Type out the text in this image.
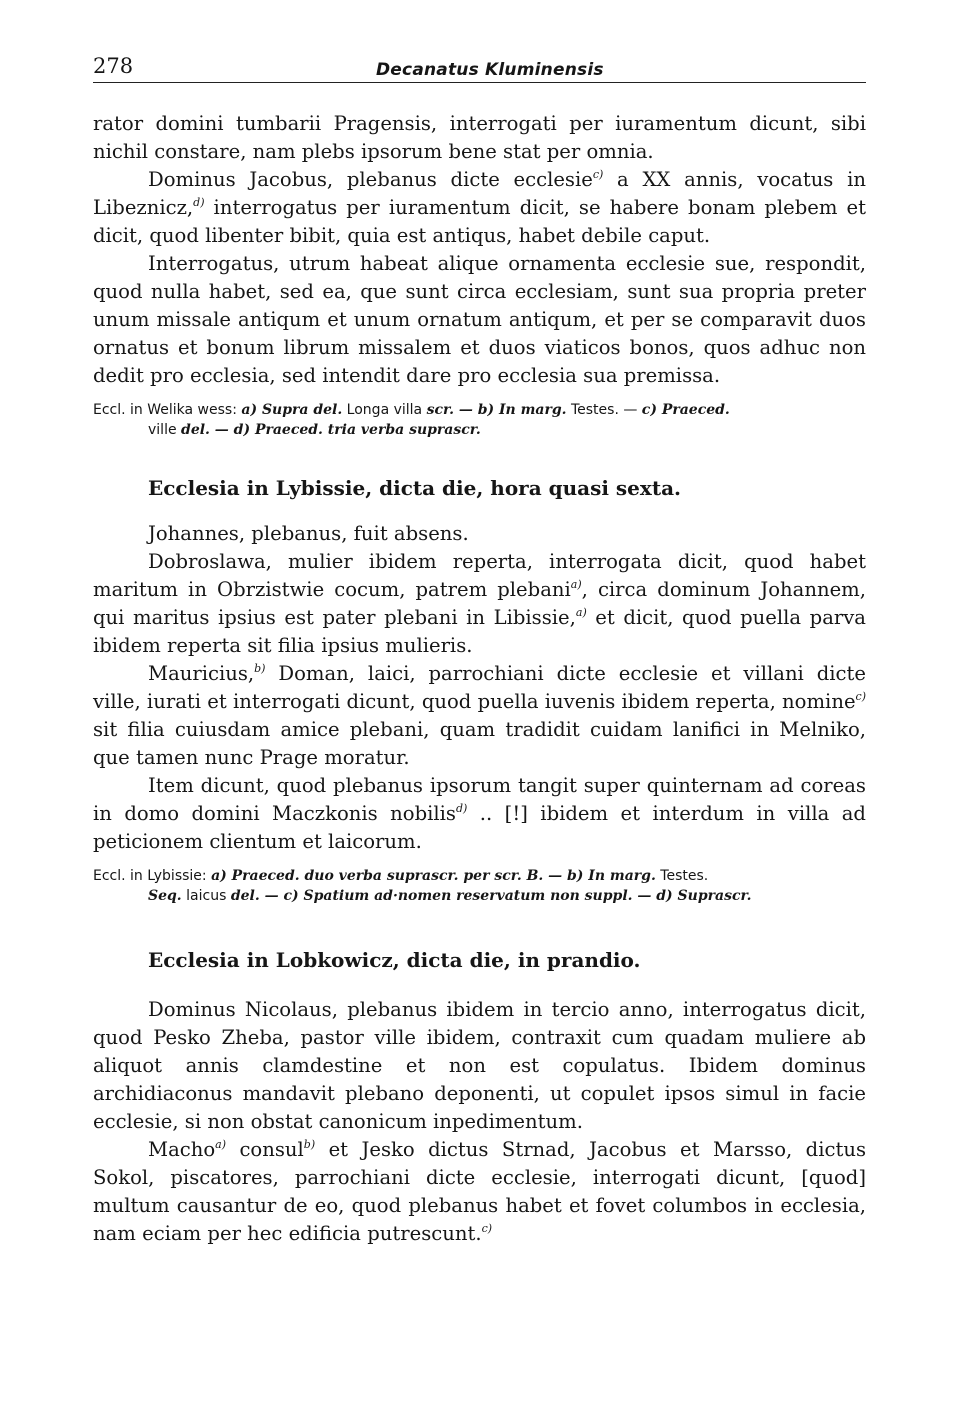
278	Decanatus Kluminensis

rator domini tumbarii Pragensis, interrogati per iuramentum dicunt, sibi nichil constare, nam plebs ipsorum bene stat per omnia.

Dominus Jacobus, plebanus dicte ecclesie$^{c)}$ a XX annis, vocatus in Libeznicz,$^{d)}$ interrogatus per iuramentum dicit, se habere bonam plebem et dicit, quod libenter bibit, quia est antiqus, habet debile caput.

Interrogatus, utrum habeat alique ornamenta ecclesie sue, respondit, quod nulla habet, sed ea, que sunt circa ecclesiam, sunt sua propria preter unum missale antiqum et unum ornatum antiqum, et per se comparavit duos ornatus et bonum librum missalem et duos viaticos bonos, quos adhuc non dedit pro ecclesia, sed intendit dare pro ecclesia sua premissa.

Eccl. in Welika wess: a) Supra del. Longa villa scr. — b) In marg. Testes. — c) Praeced.
ville del. — d) Praeced. tria verba suprascr.

Ecclesia in Lybissie, dicta die, hora quasi sexta.

Johannes, plebanus, fuit absens.

Dobroslawa, mulier ibidem reperta, interrogata dicit, quod habet maritum in Obrzistwie cocum, patrem plebani$^{a)}$, circa dominum Johannem, qui maritus ipsius est pater plebani in Libissie,$^{a)}$ et dicit, quod puella parva ibidem reperta sit filia ipsius mulieris.

Mauricius,$^{b)}$ Doman, laici, parrochiani dicte ecclesie et villani dicte ville, iurati et interrogati dicunt, quod puella iuvenis ibidem reperta, nomine$^{c)}$ sit filia cuiusdam amice plebani, quam tradidit cuidam lanifici in Melniko, que tamen nunc Prage moratur.

Item dicunt, quod plebanus ipsorum tangit super quinternam ad coreas in domo domini Maczkonis nobilis$^{d)}$ .. [!] ibidem et interdum in villa ad peticionem clientum et laicorum.

Eccl. in Lybissie: a) Praeced. duo verba suprascr. per scr. B. — b) In marg. Testes.
Seq. laicus del. — c) Spatium ad·nomen reservatum non suppl. — d) Suprascr.

Ecclesia in Lobkowicz, dicta die, in prandio.

Dominus Nicolaus, plebanus ibidem in tercio anno, interrogatus dicit, quod Pesko Zheba, pastor ville ibidem, contraxit cum quadam muliere ab aliquot annis clamdestine et non est copulatus. Ibidem dominus archidiaconus mandavit plebano deponenti, ut copulet ipsos simul in facie ecclesie, si non obstat canonicum inpedimentum.

Macho$^{a)}$ consul$^{b)}$ et Jesko dictus Strnad, Jacobus et Marsso, dictus Sokol, piscatores, parrochiani dicte ecclesie, interrogati dicunt, [quod] multum causantur de eo, quod plebanus habet et fovet columbos in ecclesia, nam eciam per hec edificia putrescunt.$^{c)}$
